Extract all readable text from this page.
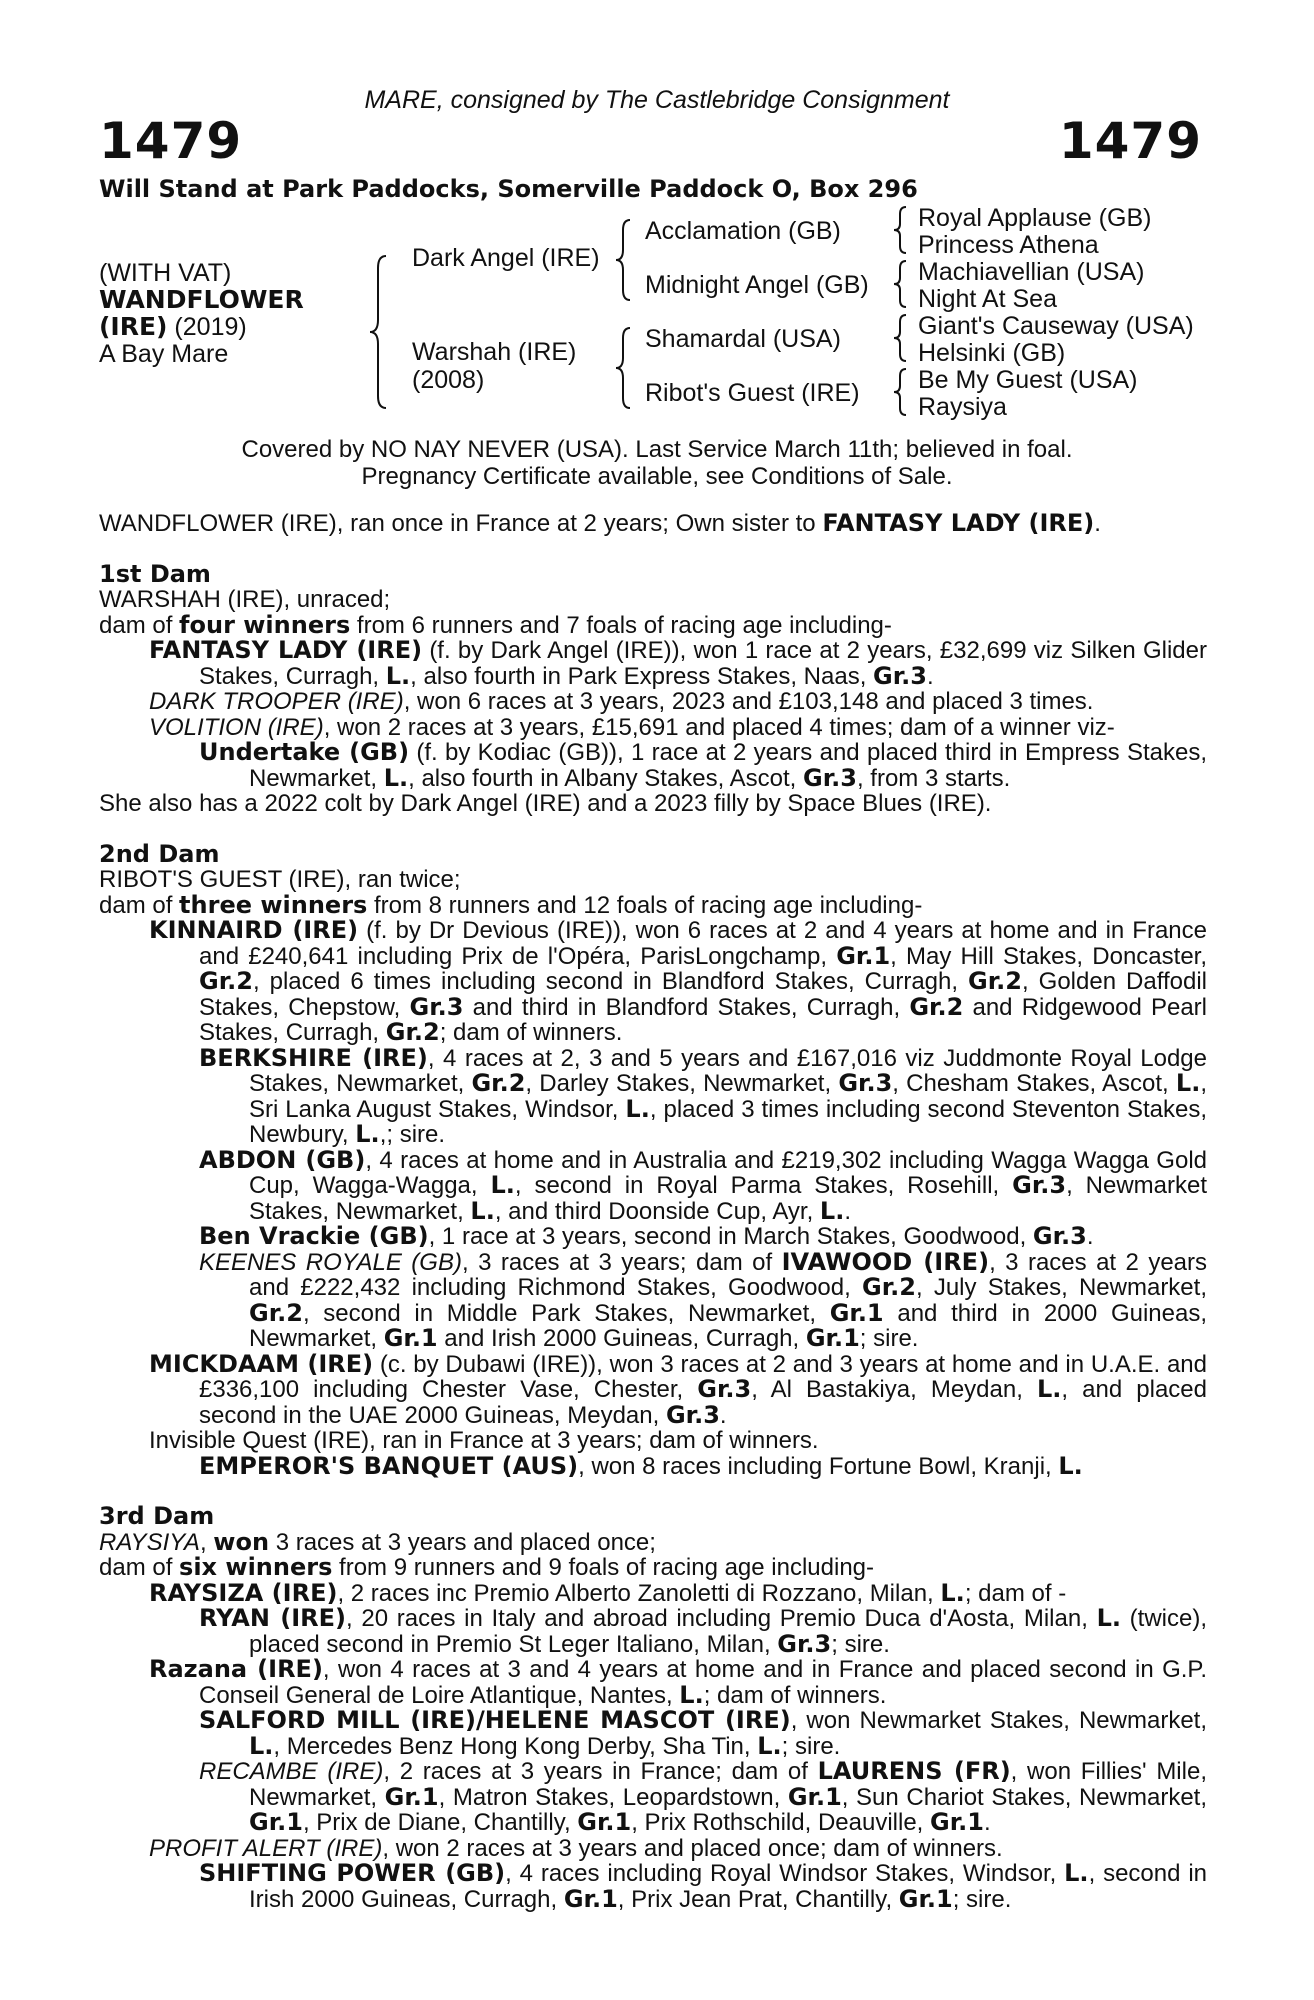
MARE, consigned by The Castlebridge Consignment
1479	1479
Will Stand at Park Paddocks, Somerville Paddock O, Box 296
(WITH VAT)
WANDFLOWER
(IRE) (2019)
A Bay Mare
Dark Angel (IRE)
Warshah (IRE)
(2008)
Acclamation (GB)
Midnight Angel (GB)
Shamardal (USA)
Ribot's Guest (IRE)
Royal Applause (GB)
Princess Athena
Machiavellian (USA)
Night At Sea
Giant's Causeway (USA)
Helsinki (GB)
Be My Guest (USA)
Raysiya
Covered by NO NAY NEVER (USA). Last Service March 11th; believed in foal.
Pregnancy Certificate available, see Conditions of Sale.
WANDFLOWER (IRE), ran once in France at 2 years; Own sister to FANTASY LADY (IRE).
1st Dam
WARSHAH (IRE), unraced;
dam of four winners from 6 runners and 7 foals of racing age including-
FANTASY LADY (IRE) (f. by Dark Angel (IRE)), won 1 race at 2 years, £32,699 viz Silken Glider Stakes, Curragh, L., also fourth in Park Express Stakes, Naas, Gr.3.
DARK TROOPER (IRE), won 6 races at 3 years, 2023 and £103,148 and placed 3 times.
VOLITION (IRE), won 2 races at 3 years, £15,691 and placed 4 times; dam of a winner viz-
Undertake (GB) (f. by Kodiac (GB)), 1 race at 2 years and placed third in Empress Stakes, Newmarket, L., also fourth in Albany Stakes, Ascot, Gr.3, from 3 starts.
She also has a 2022 colt by Dark Angel (IRE) and a 2023 filly by Space Blues (IRE).
2nd Dam
RIBOT'S GUEST (IRE), ran twice;
dam of three winners from 8 runners and 12 foals of racing age including-
KINNAIRD (IRE) (f. by Dr Devious (IRE)), won 6 races at 2 and 4 years at home and in France and £240,641 including Prix de l'Opéra, ParisLongchamp, Gr.1, May Hill Stakes, Doncaster, Gr.2, placed 6 times including second in Blandford Stakes, Curragh, Gr.2, Golden Daffodil Stakes, Chepstow, Gr.3 and third in Blandford Stakes, Curragh, Gr.2 and Ridgewood Pearl Stakes, Curragh, Gr.2; dam of winners.
BERKSHIRE (IRE), 4 races at 2, 3 and 5 years and £167,016 viz Juddmonte Royal Lodge Stakes, Newmarket, Gr.2, Darley Stakes, Newmarket, Gr.3, Chesham Stakes, Ascot, L., Sri Lanka August Stakes, Windsor, L., placed 3 times including second Steventon Stakes, Newbury, L.,; sire.
ABDON (GB), 4 races at home and in Australia and £219,302 including Wagga Wagga Gold Cup, Wagga-Wagga, L., second in Royal Parma Stakes, Rosehill, Gr.3, Newmarket Stakes, Newmarket, L., and third Doonside Cup, Ayr, L..
Ben Vrackie (GB), 1 race at 3 years, second in March Stakes, Goodwood, Gr.3.
KEENES ROYALE (GB), 3 races at 3 years; dam of IVAWOOD (IRE), 3 races at 2 years and £222,432 including Richmond Stakes, Goodwood, Gr.2, July Stakes, Newmarket, Gr.2, second in Middle Park Stakes, Newmarket, Gr.1 and third in 2000 Guineas, Newmarket, Gr.1 and Irish 2000 Guineas, Curragh, Gr.1; sire.
MICKDAAM (IRE) (c. by Dubawi (IRE)), won 3 races at 2 and 3 years at home and in U.A.E. and £336,100 including Chester Vase, Chester, Gr.3, Al Bastakiya, Meydan, L., and placed second in the UAE 2000 Guineas, Meydan, Gr.3.
Invisible Quest (IRE), ran in France at 3 years; dam of winners.
EMPEROR'S BANQUET (AUS), won 8 races including Fortune Bowl, Kranji, L.
3rd Dam
RAYSIYA, won 3 races at 3 years and placed once;
dam of six winners from 9 runners and 9 foals of racing age including-
RAYSIZA (IRE), 2 races inc Premio Alberto Zanoletti di Rozzano, Milan, L.; dam of -
RYAN (IRE), 20 races in Italy and abroad including Premio Duca d'Aosta, Milan, L. (twice), placed second in Premio St Leger Italiano, Milan, Gr.3; sire.
Razana (IRE), won 4 races at 3 and 4 years at home and in France and placed second in G.P. Conseil General de Loire Atlantique, Nantes, L.; dam of winners.
SALFORD MILL (IRE)/HELENE MASCOT (IRE), won Newmarket Stakes, Newmarket, L., Mercedes Benz Hong Kong Derby, Sha Tin, L.; sire.
RECAMBE (IRE), 2 races at 3 years in France; dam of LAURENS (FR), won Fillies' Mile, Newmarket, Gr.1, Matron Stakes, Leopardstown, Gr.1, Sun Chariot Stakes, Newmarket, Gr.1, Prix de Diane, Chantilly, Gr.1, Prix Rothschild, Deauville, Gr.1.
PROFIT ALERT (IRE), won 2 races at 3 years and placed once; dam of winners.
SHIFTING POWER (GB), 4 races including Royal Windsor Stakes, Windsor, L., second in Irish 2000 Guineas, Curragh, Gr.1, Prix Jean Prat, Chantilly, Gr.1; sire.
